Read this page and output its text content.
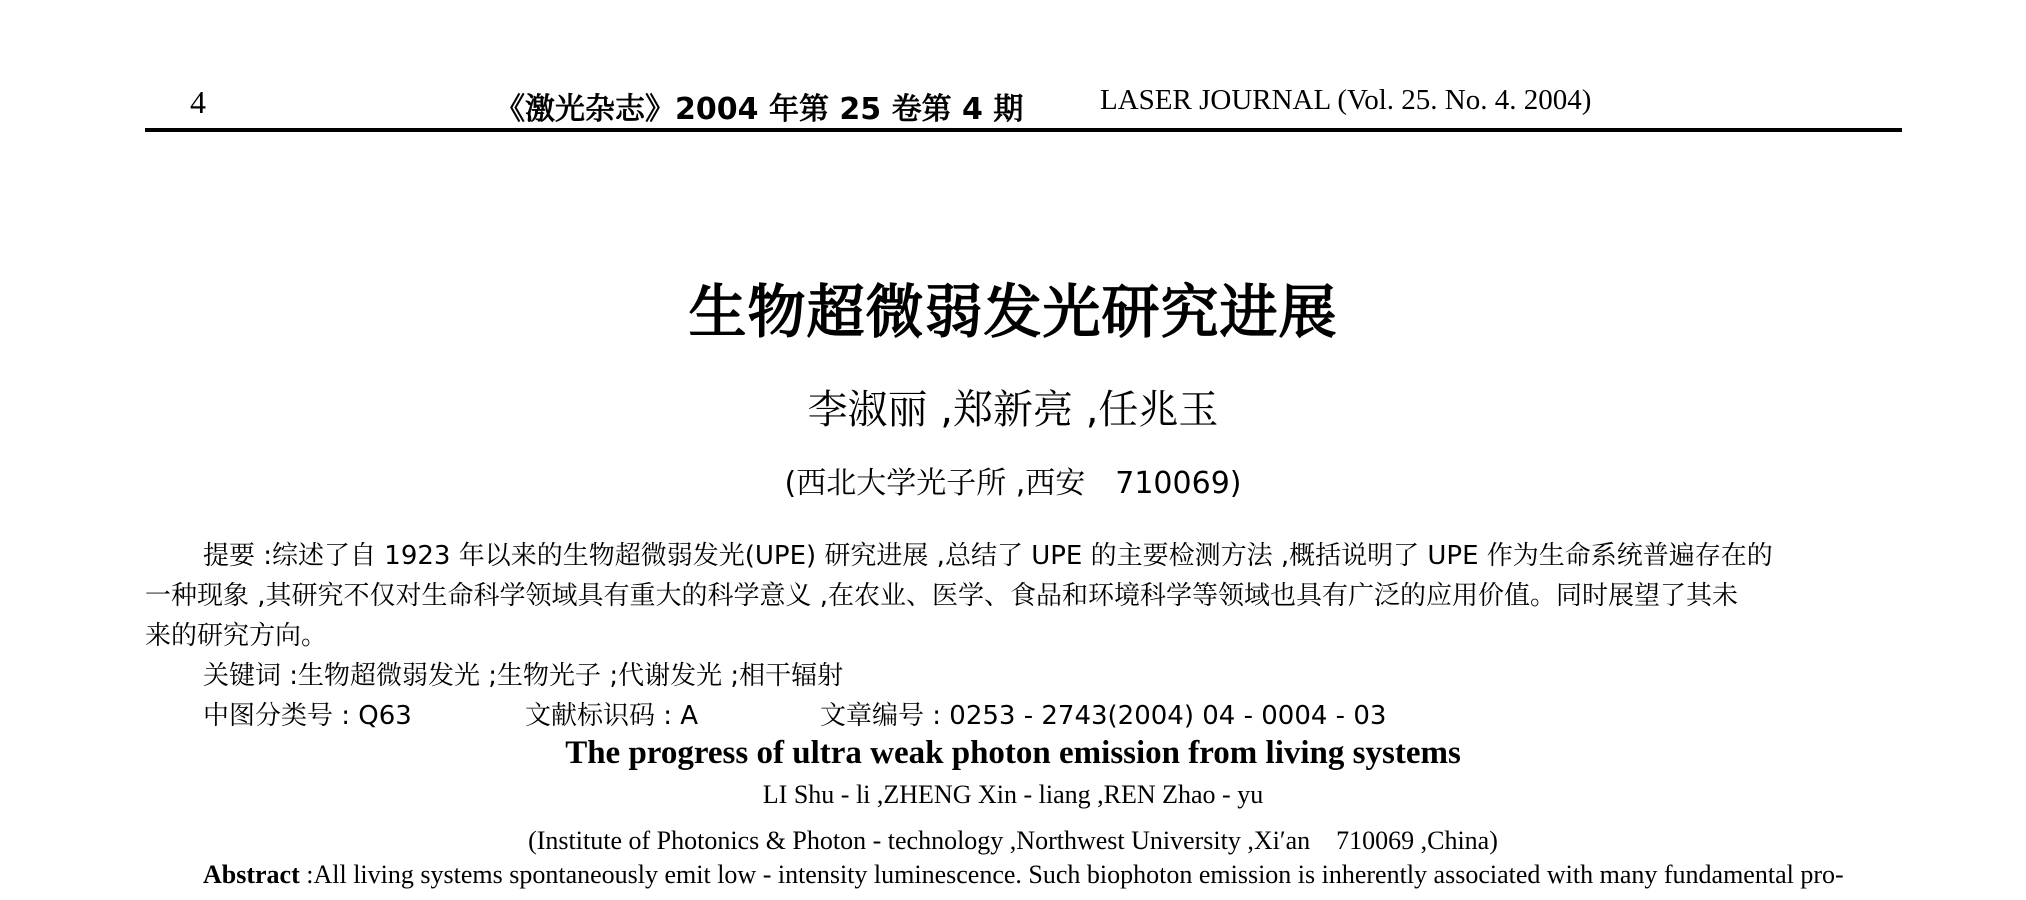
4	《激光杂志》2004 年第 25 卷第 4 期	LASER JOURNAL (Vol. 25. No. 4. 2004)
生物超微弱发光研究进展
李淑丽 ,郑新亮 ,任兆玉
(西北大学光子所 ,西安　710069)
提要 :综述了自 1923 年以来的生物超微弱发光(UPE) 研究进展 ,总结了 UPE 的主要检测方法 ,概括说明了 UPE 作为生命系统普遍存在的
一种现象 ,其研究不仅对生命科学领域具有重大的科学意义 ,在农业、医学、食品和环境科学等领域也具有广泛的应用价值。同时展望了其未
来的研究方向。
关键词 :生物超微弱发光 ;生物光子 ;代谢发光 ;相干辐射
中图分类号 : Q63	文献标识码 : A	文章编号 : 0253 - 2743(2004) 04 - 0004 - 03
The progress of ultra weak photon emission from living systems
LI Shu - li ,ZHENG Xin - liang ,REN Zhao - yu
(Institute of Photonics & Photon - technology ,Northwest University ,Xi′an　710069 ,China)
Abstract :All living systems spontaneously emit low - intensity luminescence. Such biophoton emission is inherently associated with many fundamental pro-
